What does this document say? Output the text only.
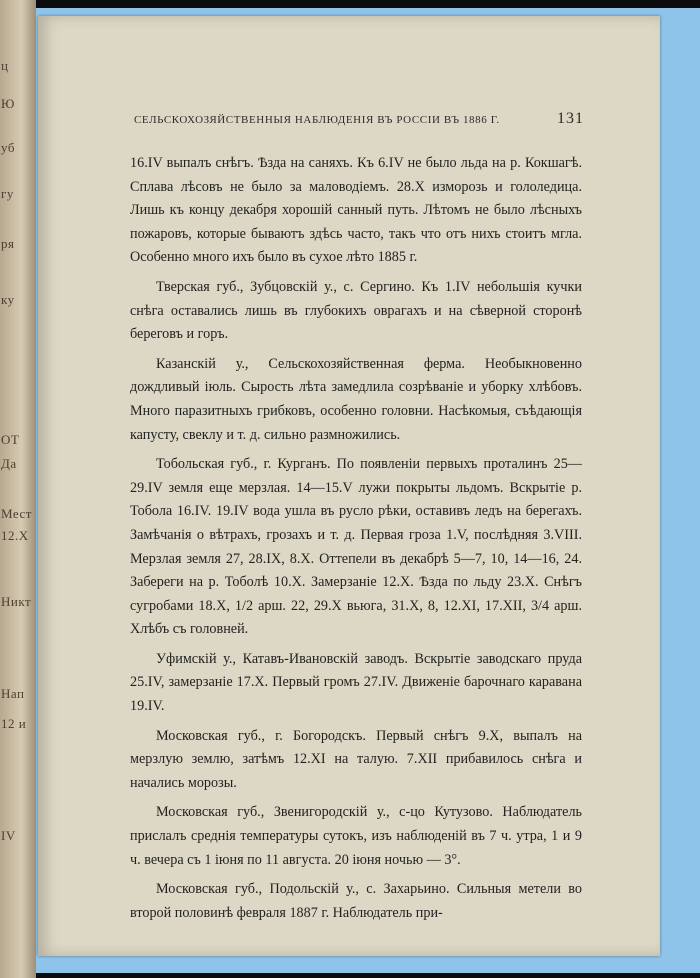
ц
Ю
уб
гу
ря
ку
ОТ
Да
Мест
12.Х
Никт
Нап
12 и
IV
СЕЛЬСКОХОЗЯЙСТВЕННЫЯ НАБЛЮДЕНІЯ ВЪ РОССІИ ВЪ 1886 Г.	131

16.IV выпалъ снѣгъ. Ѣзда на саняхъ. Къ 6.IV не было льда на р. Кокшагѣ. Сплава лѣсовъ не было за маловодіемъ. 28.X изморозь и гололедица. Лишь къ концу декабря хорошій санный путь. Лѣтомъ не было лѣсныхъ пожаровъ, которые бываютъ здѣсь часто, такъ что отъ нихъ стоитъ мгла. Особенно много ихъ было въ сухое лѣто 1885 г.

Тверская губ., Зубцовскій у., с. Сергино. Къ 1.IV небольшія кучки снѣга оставались лишь въ глубокихъ оврагахъ и на сѣверной сторонѣ береговъ и горъ.

Казанскій у., Сельскохозяйственная ферма. Необыкновенно дождливый іюль. Сырость лѣта замедлила созрѣваніе и уборку хлѣбовъ. Много паразитныхъ грибковъ, особенно головни. Насѣкомыя, съѣдающія капусту, свеклу и т. д. сильно размножились.

Тобольская губ., г. Курганъ. По появленіи первыхъ проталинъ 25—29.IV земля еще мерзлая. 14—15.V лужи покрыты льдомъ. Вскрытіе р. Тобола 16.IV. 19.IV вода ушла въ русло рѣки, оставивъ ледъ на берегахъ. Замѣчанія о вѣтрахъ, грозахъ и т. д. Первая гроза 1.V, послѣдняя 3.VIII. Мерзлая земля 27, 28.IX, 8.X. Оттепели въ декабрѣ 5—7, 10, 14—16, 24. Забереги на р. Тоболѣ 10.X. Замерзаніе 12.X. Ѣзда по льду 23.X. Снѣгъ сугробами 18.X, 1/2 арш. 22, 29.X вьюга, 31.X, 8, 12.XI, 17.XII, 3/4 арш. Хлѣбъ съ головней.

Уфимскій у., Катавъ-Ивановскій заводъ. Вскрытіе заводскаго пруда 25.IV, замерзаніе 17.X. Первый громъ 27.IV. Движеніе барочнаго каравана 19.IV.

Московская губ., г. Богородскъ. Первый снѣгъ 9.X, выпалъ на мерзлую землю, затѣмъ 12.XI на талую. 7.XII прибавилось снѣга и начались морозы.

Московская губ., Звенигородскій у., с-цо Кутузово. Наблюдатель прислалъ среднія температуры сутокъ, изъ наблюденій въ 7 ч. утра, 1 и 9 ч. вечера съ 1 іюня по 11 августа. 20 іюня ночью — 3°.

Московская губ., Подольскій у., с. Захарьино. Сильныя метели во второй половинѣ февраля 1887 г. Наблюдатель при-
